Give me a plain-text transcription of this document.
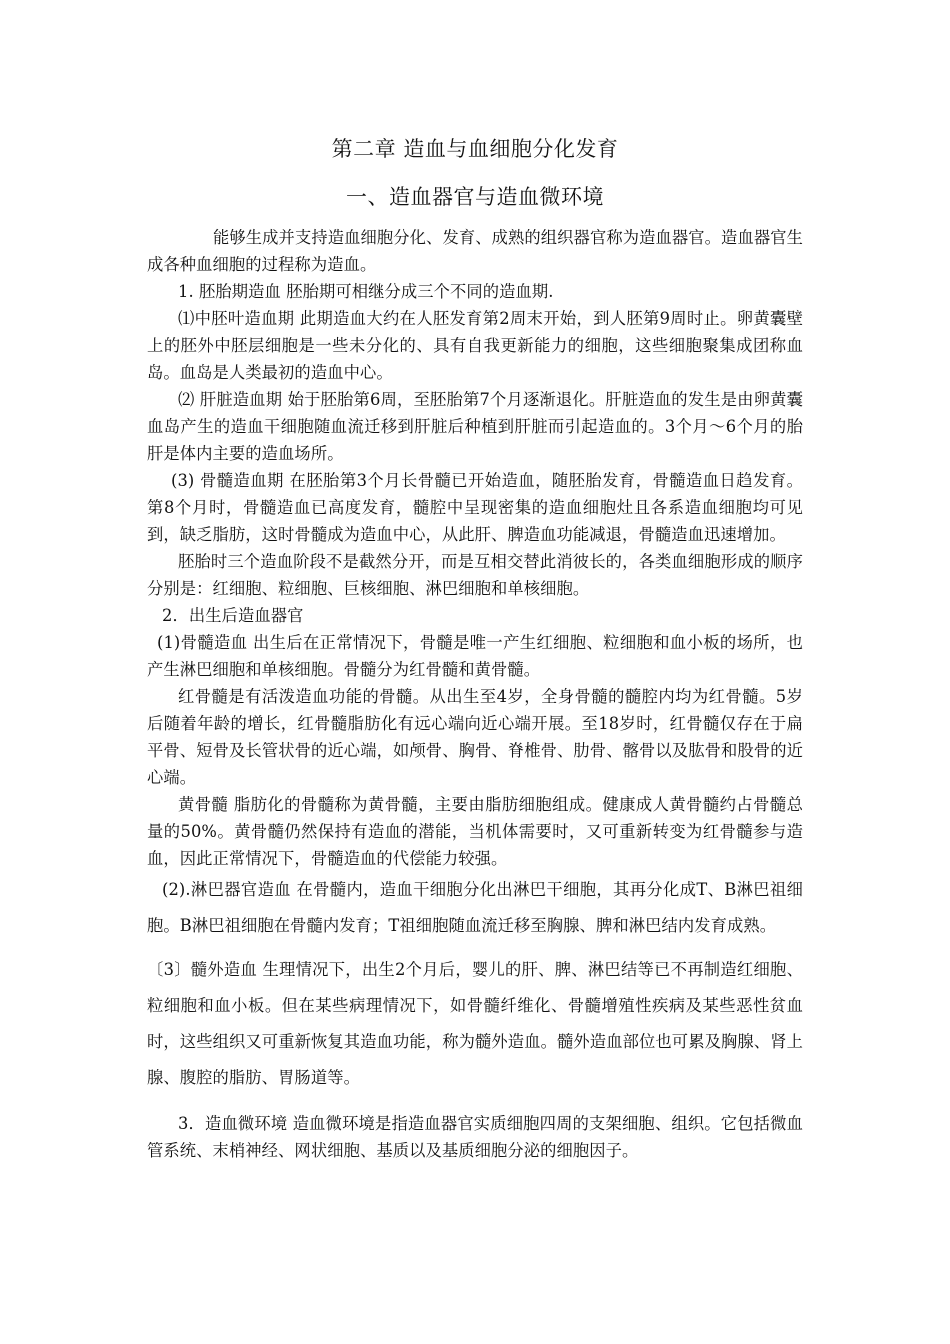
第二章 造血与血细胞分化发育
一、造血器官与造血微环境

能够生成并支持造血细胞分化、发育、成熟的组织器官称为造血器官。造血器官生成各种血细胞的过程称为造血。

1. 胚胎期造血 胚胎期可相继分成三个不同的造血期.

⑴中胚叶造血期 此期造血大约在人胚发育第2周末开始，到人胚第9周时止。卵黄囊壁上的胚外中胚层细胞是一些未分化的、具有自我更新能力的细胞，这些细胞聚集成团称血岛。血岛是人类最初的造血中心。

⑵ 肝脏造血期 始于胚胎第6周，至胚胎第7个月逐渐退化。肝脏造血的发生是由卵黄囊血岛产生的造血干细胞随血流迁移到肝脏后种植到肝脏而引起造血的。3个月～6个月的胎肝是体内主要的造血场所。

(3) 骨髓造血期 在胚胎第3个月长骨髓已开始造血，随胚胎发育，骨髓造血日趋发育。第8个月时，骨髓造血已高度发育，髓腔中呈现密集的造血细胞灶且各系造血细胞均可见到，缺乏脂肪，这时骨髓成为造血中心，从此肝、脾造血功能减退，骨髓造血迅速增加。

胚胎时三个造血阶段不是截然分开，而是互相交替此消彼长的，各类血细胞形成的顺序分别是：红细胞、粒细胞、巨核细胞、淋巴细胞和单核细胞。

2．出生后造血器官

(1)骨髓造血 出生后在正常情况下，骨髓是唯一产生红细胞、粒细胞和血小板的场所，也产生淋巴细胞和单核细胞。骨髓分为红骨髓和黄骨髓。

红骨髓是有活泼造血功能的骨髓。从出生至4岁，全身骨髓的髓腔内均为红骨髓。5岁后随着年龄的增长，红骨髓脂肪化有远心端向近心端开展。至18岁时，红骨髓仅存在于扁平骨、短骨及长管状骨的近心端，如颅骨、胸骨、脊椎骨、肋骨、髂骨以及肱骨和股骨的近心端。

黄骨髓 脂肪化的骨髓称为黄骨髓，主要由脂肪细胞组成。健康成人黄骨髓约占骨髓总量的50%。黄骨髓仍然保持有造血的潜能，当机体需要时，又可重新转变为红骨髓参与造血，因此正常情况下，骨髓造血的代偿能力较强。

(2).淋巴器官造血 在骨髓内，造血干细胞分化出淋巴干细胞，其再分化成T、B淋巴祖细胞。B淋巴祖细胞在骨髓内发育；T祖细胞随血流迁移至胸腺、脾和淋巴结内发育成熟。

〔3〕髓外造血 生理情况下，出生2个月后，婴儿的肝、脾、淋巴结等已不再制造红细胞、粒细胞和血小板。但在某些病理情况下，如骨髓纤维化、骨髓增殖性疾病及某些恶性贫血时，这些组织又可重新恢复其造血功能，称为髓外造血。髓外造血部位也可累及胸腺、肾上腺、腹腔的脂肪、胃肠道等。

3．造血微环境 造血微环境是指造血器官实质细胞四周的支架细胞、组织。它包括微血管系统、末梢神经、网状细胞、基质以及基质细胞分泌的细胞因子。
